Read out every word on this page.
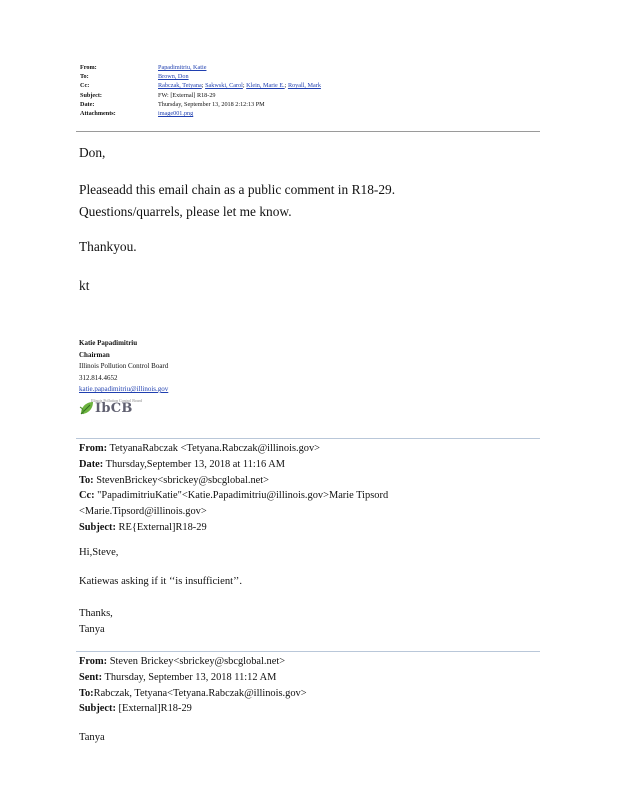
From:	Papadimitriu, Katie
To:	Brown, Don
Cc:	Rabczak, Tetyana; Sakwski, Carol; Klein, Marie E.; Royall, Mark
Subject:	FW: [External] R18-29
Date:	Thursday, September 13, 2018 2:12:13 PM
Attachments:	image001.png
Don,
Pleaseadd this email chain as a public comment in R18-29.
Questions/quarrels, please let me know.
Thankyou.
kt
Katie Papadimitriu
Chairman
Illinois Pollution Control Board
312.814.4652
katie.papadimitriu@illinois.gov
Illinois Pollution Control Board
IbCB
From: TetyanaRabczak <Tetyana.Rabczak@illinois.gov>
Date: Thursday,September 13, 2018 at 11:16 AM
To: StevenBrickey<sbrickey@sbcglobal.net>
Cc: "PapadimitriuKatie"<Katie.Papadimitriu@illinois.gov>Marie Tipsord
<Marie.Tipsord@illinois.gov>
Subject: RE{External]R18-29
Hi,Steve,
Katiewas asking if it ‘‘is insufficient’’.
Thanks,
Tanya
From: Steven Brickey<sbrickey@sbcglobal.net>
Sent: Thursday, September 13, 2018 11:12 AM
To:Rabczak, Tetyana<Tetyana.Rabczak@illinois.gov>
Subject: [External]R18-29
Tanya
